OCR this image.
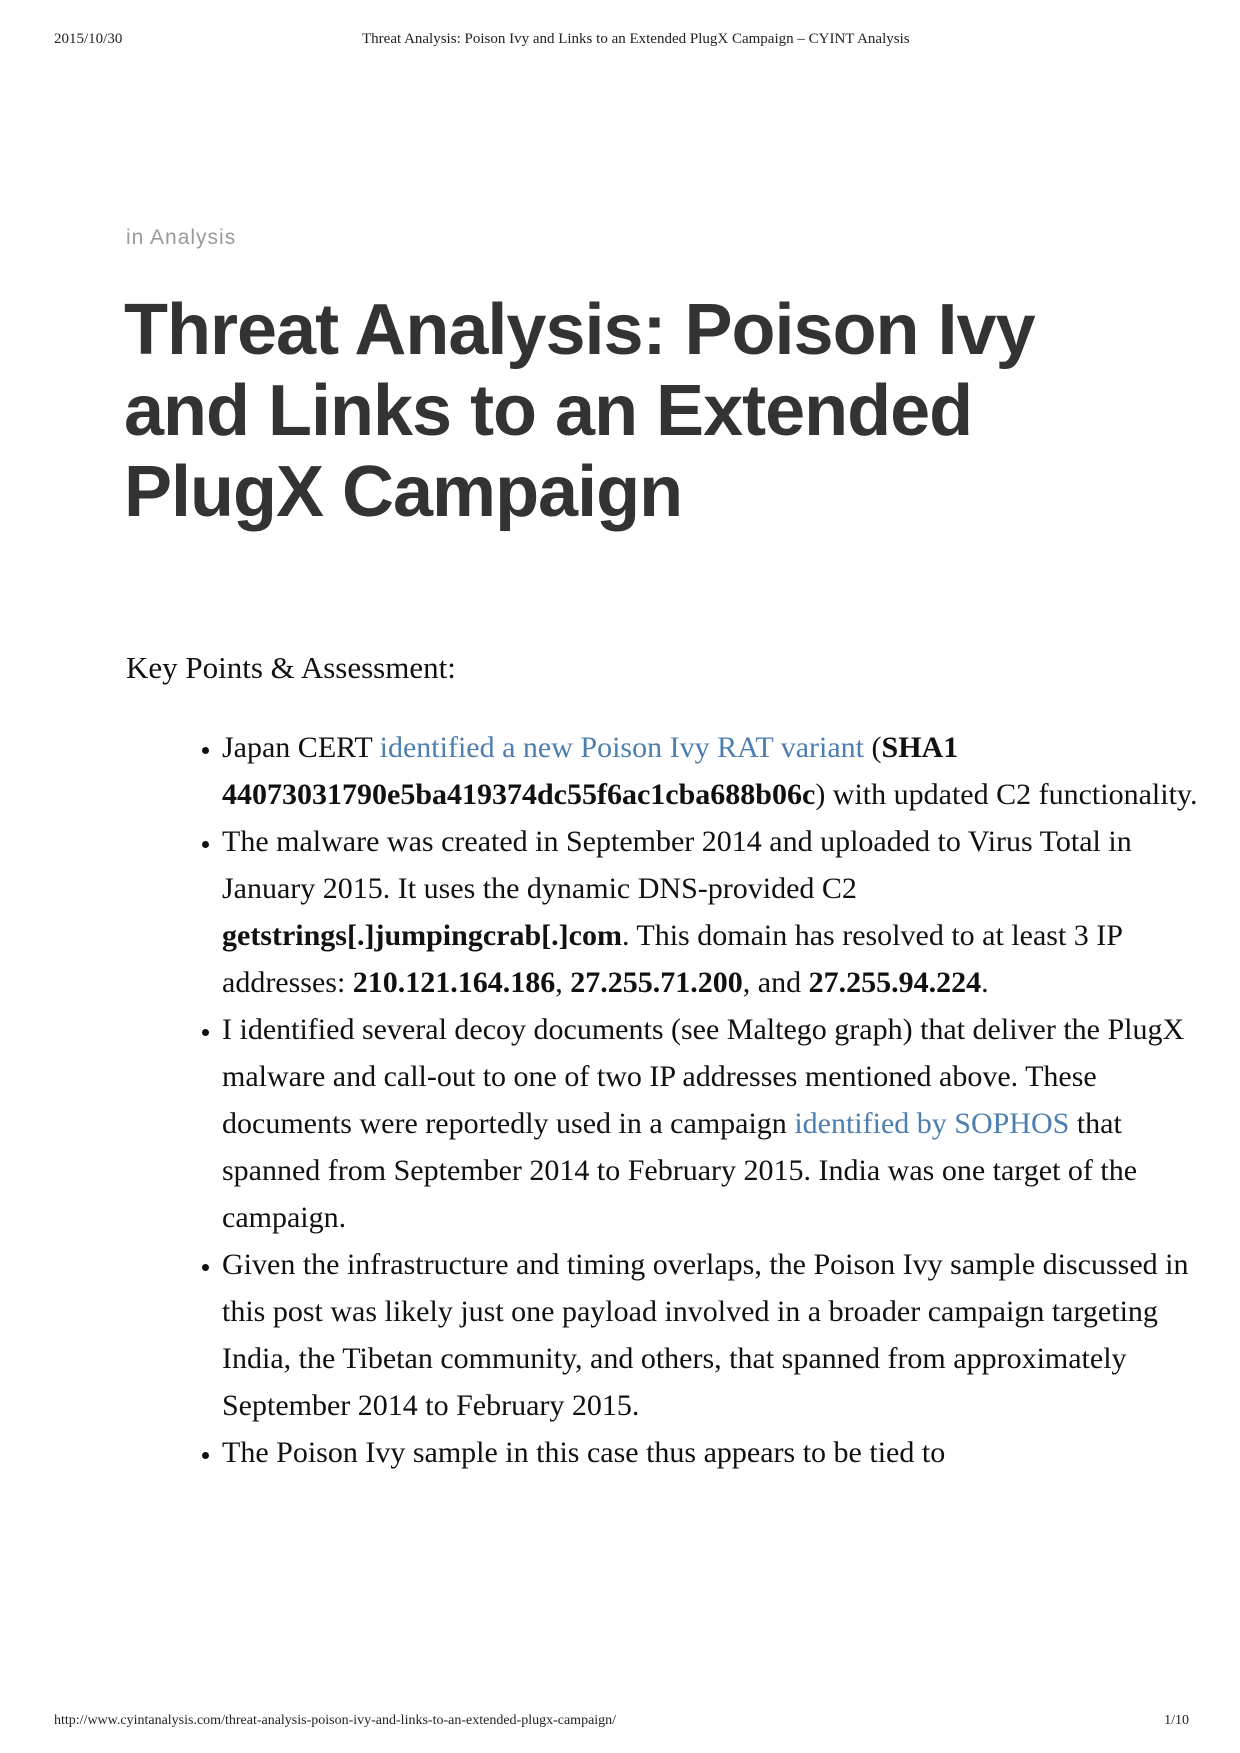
2015/10/30	Threat Analysis: Poison Ivy and Links to an Extended PlugX Campaign – CYINT Analysis
in Analysis
Threat Analysis: Poison Ivy and Links to an Extended PlugX Campaign
Key Points & Assessment:
• Japan CERT identified a new Poison Ivy RAT variant (SHA1 44073031790e5ba419374dc55f6ac1cba688b06c) with updated C2 functionality.
• The malware was created in September 2014 and uploaded to Virus Total in January 2015. It uses the dynamic DNS-provided C2 getstrings[.]jumpingcrab[.]com. This domain has resolved to at least 3 IP addresses: 210.121.164.186, 27.255.71.200, and 27.255.94.224.
• I identified several decoy documents (see Maltego graph) that deliver the PlugX malware and call-out to one of two IP addresses mentioned above. These documents were reportedly used in a campaign identified by SOPHOS that spanned from September 2014 to February 2015. India was one target of the campaign.
• Given the infrastructure and timing overlaps, the Poison Ivy sample discussed in this post was likely just one payload involved in a broader campaign targeting India, the Tibetan community, and others, that spanned from approximately September 2014 to February 2015.
• The Poison Ivy sample in this case thus appears to be tied to
http://www.cyintanalysis.com/threat-analysis-poison-ivy-and-links-to-an-extended-plugx-campaign/	1/10
